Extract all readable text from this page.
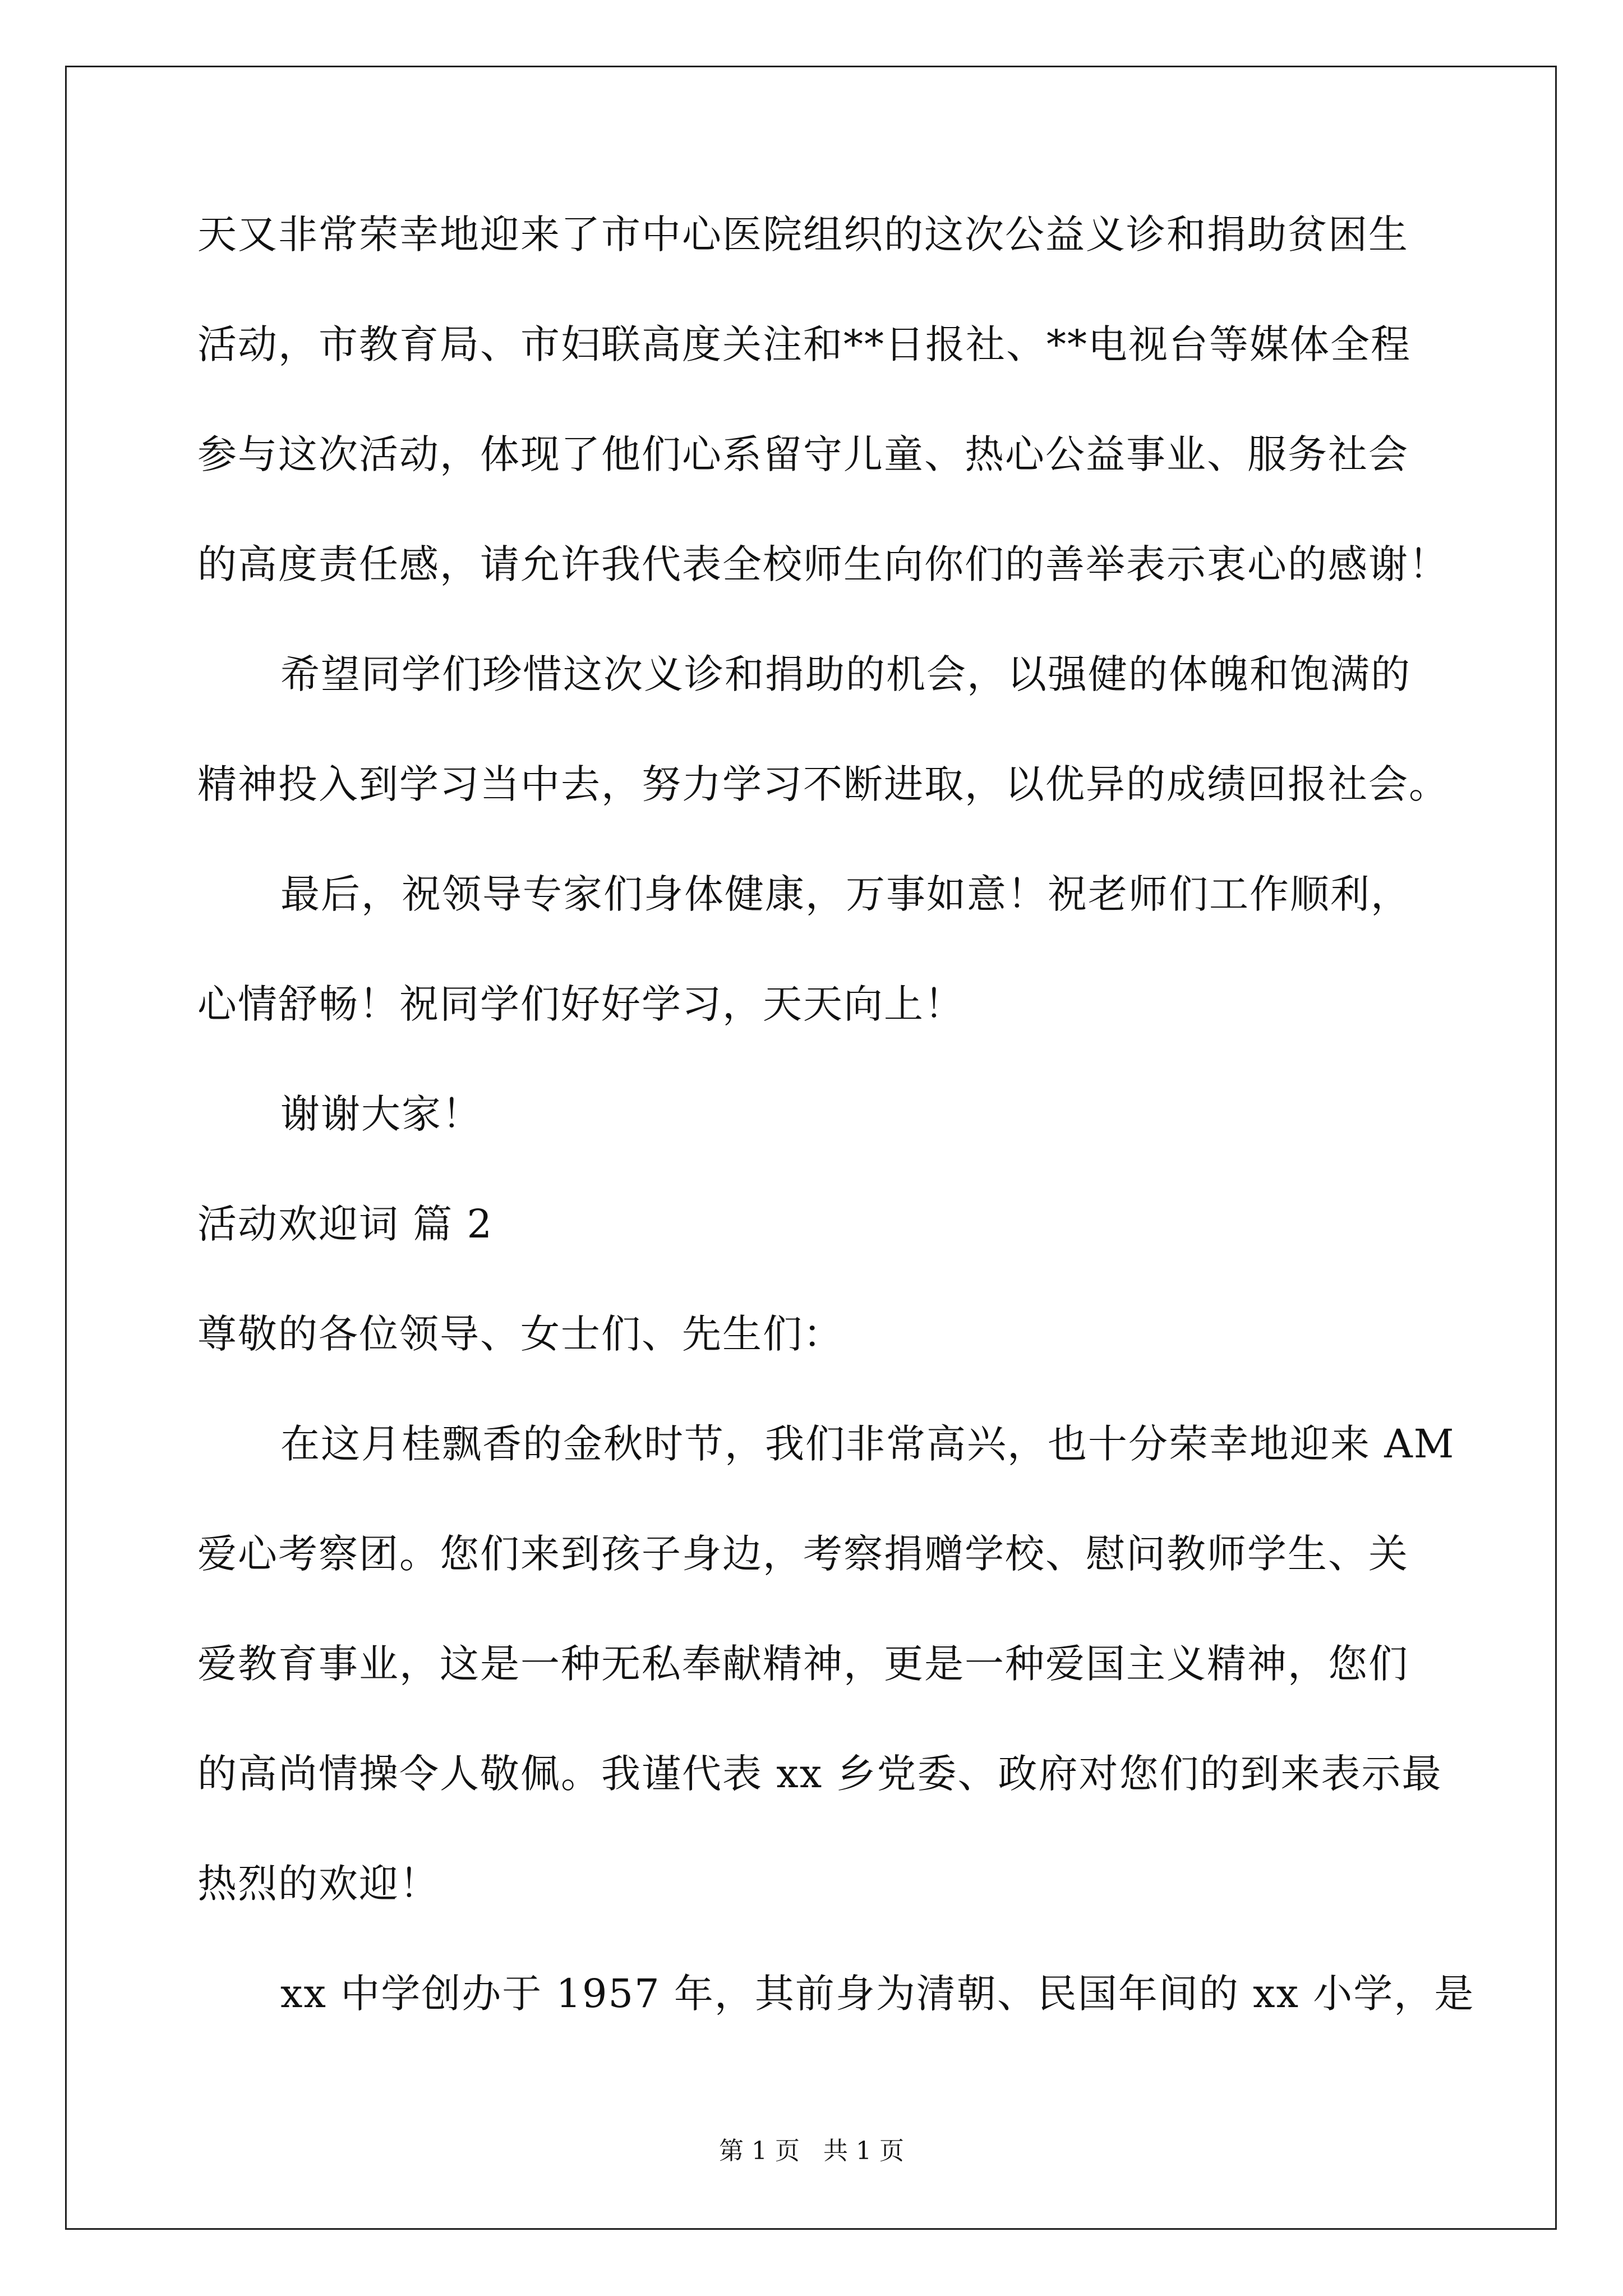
天又非常荣幸地迎来了市中心医院组织的这次公益义诊和捐助贫困生
活动，市教育局、市妇联高度关注和**日报社、**电视台等媒体全程
参与这次活动，体现了他们心系留守儿童、热心公益事业、服务社会
的高度责任感，请允许我代表全校师生向你们的善举表示衷心的感谢！
希望同学们珍惜这次义诊和捐助的机会，以强健的体魄和饱满的
精神投入到学习当中去，努力学习不断进取，以优异的成绩回报社会。
最后，祝领导专家们身体健康，万事如意！祝老师们工作顺利，
心情舒畅！祝同学们好好学习，天天向上！
谢谢大家！
活动欢迎词 篇 2
尊敬的各位领导、女士们、先生们：
在这月桂飘香的金秋时节，我们非常高兴，也十分荣幸地迎来 AM
爱心考察团。您们来到孩子身边，考察捐赠学校、慰问教师学生、关
爱教育事业，这是一种无私奉献精神，更是一种爱国主义精神，您们
的高尚情操令人敬佩。我谨代表 xx 乡党委、政府对您们的到来表示最
热烈的欢迎！
第 1 页 共 1 页
xx 中学创办于 1957 年，其前身为清朝、民国年间的 xx 小学，是
